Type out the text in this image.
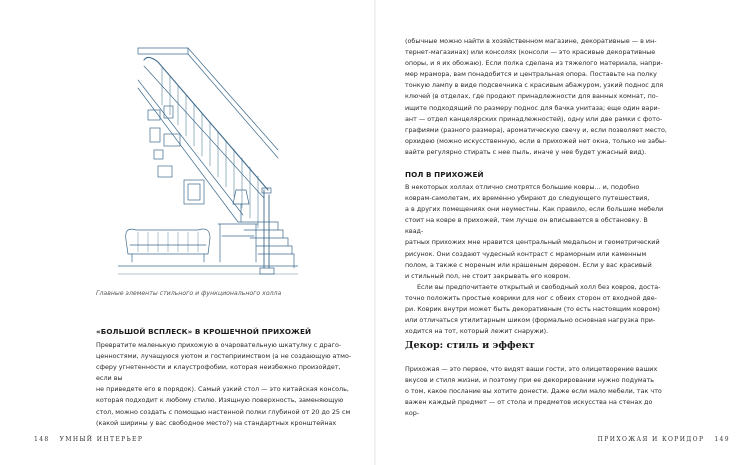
Главные элементы стильного и функционального холла
«БОЛЬШОЙ ВСПЛЕСК» В КРОШЕЧНОЙ ПРИХОЖЕЙ

Превратите маленькую прихожую в очаровательную шкатулку с драго-

ценностями, лучащуюся уютом и гостеприимством (а не создающую атмо-

сферу угнетенности и клаустрофобии, которая неизбежно произойдет, если вы

не приведете его в порядок). Самый узкий стол — это китайская консоль,

которая подходит к любому стилю. Изящную поверхность, заменяющую

стол, можно создать с помощью настенной полки глубиной от 20 до 25 см

(какой ширины у вас свободное место?) на стандартных кронштейнах

148 УМНЫЙ ИНТЕРЬЕР

(обычные можно найти в хозяйственном магазине, декоративные — в ин-

тернет-магазинах) или консолях (консоли — это красивые декоративные

опоры, и я их обожаю). Если полка сделана из тяжелого материала, напри-

мер мрамора, вам понадобится и центральная опора. Поставьте на полку

тонкую лампу в виде подсвечника с красивым абажуром, узкий поднос для

ключей (в отделах, где продают принадлежности для ванных комнат, по-

ищите подходящий по размеру поднос для бачка унитаза; еще один вари-

ант — отдел канцелярских принадлежностей), одну или две рамки с фото-

графиями (разного размера), ароматическую свечу и, если позволяет место,

орхидею (можно искусственную, если в прихожей нет окна, только не забы-

вайте регулярно стирать с нее пыль, иначе у нее будет ужасный вид).

ПОЛ В ПРИХОЖЕЙ

В некоторых холлах отлично смотрятся большие ковры... и, подобно

коврам-самолетам, их временно убирают до следующего путешествия,

а в других помещениях они неуместны. Как правило, если большие мебели

стоит на ковре в прихожей, тем лучше он вписывается в обстановку. В квад-

ратных прихожих мне нравится центральный медальон и геометрический

рисунок. Они создают чудесный контраст с мраморным или каменным

полом, а также с мореным или крашеным деревом. Если у вас красивый

и стильный пол, не стоит закрывать его ковром.

Если вы предпочитаете открытый и свободный холл без ковров, доста-

точно положить простые коврики для ног с обеих сторон от входной две-

ри. Коврик внутри может быть декоративным (то есть настоящим ковром)

или отличаться утилитарным шиком (формально основная нагрузка при-

ходится на тот, который лежит снаружи).

Декор: стиль и эффект

Прихожая — это первое, что видят ваши гости, это олицетворение ваших

вкусов и стиля жизни, и поэтому при ее декорировании нужно подумать

о том, какое послание вы хотите донести. Даже если мало мебели, так что

важен каждый предмет — от стола и предметов искусства на стенах до кор-

ПРИХОЖАЯ И КОРИДОР 149
